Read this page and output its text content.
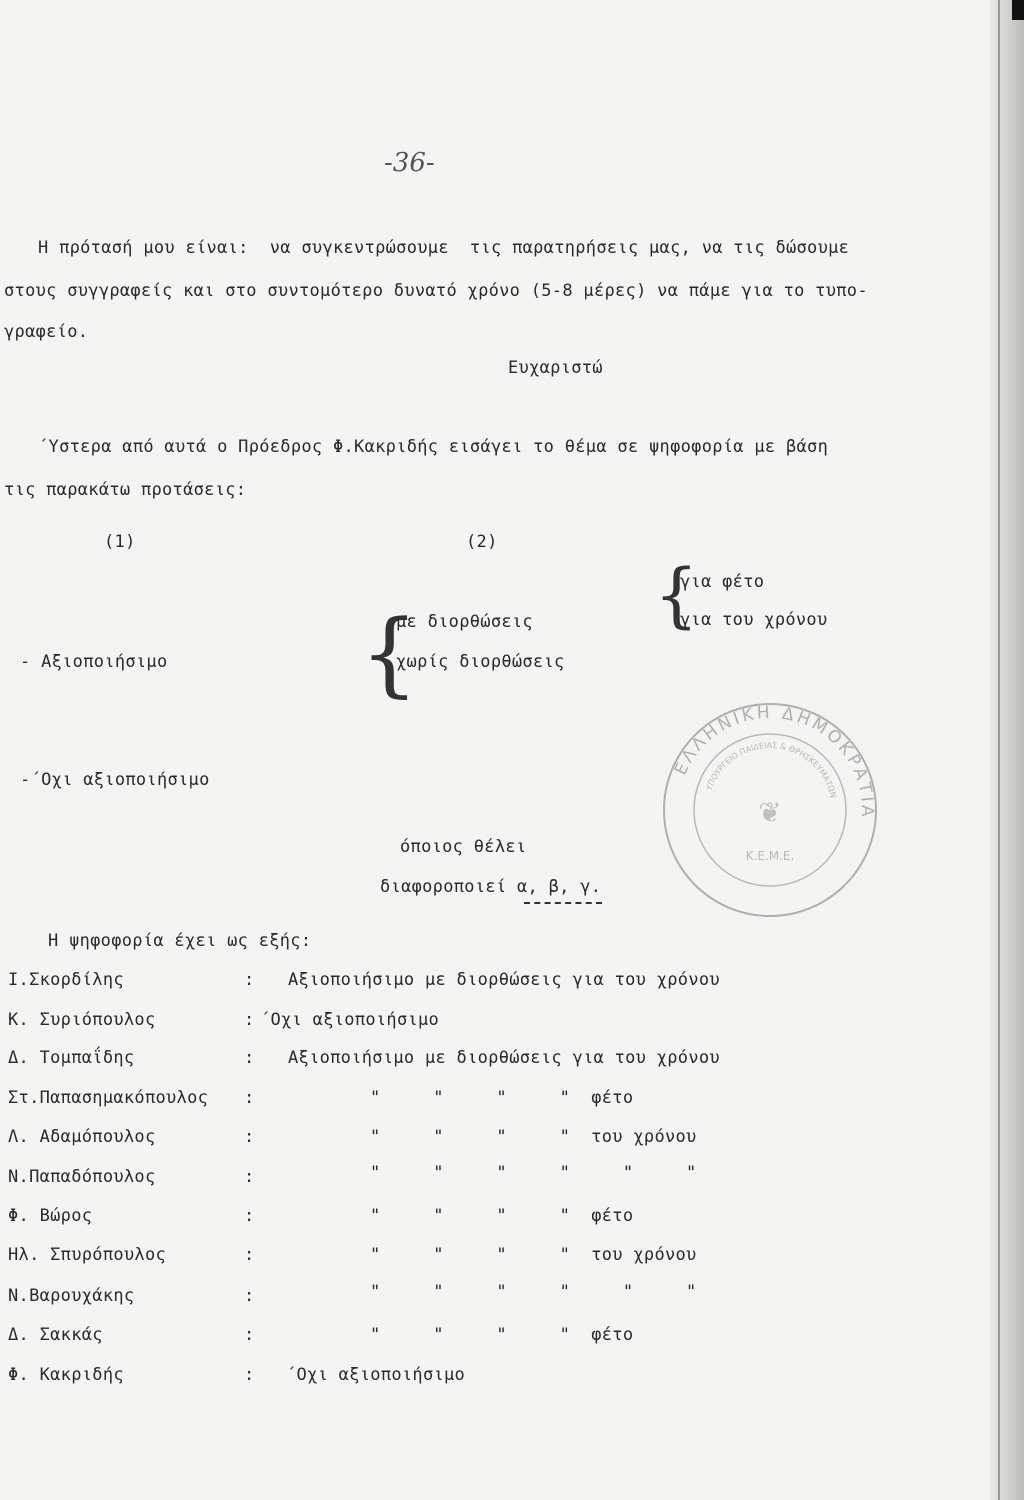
-36-
Η πρότασή μου είναι:  να συγκεντρώσουμε  τις παρατηρήσεις μας, να τις δώσουμε
στους συγγραφείς και στο συντομότερο δυνατό χρόνο (5-8 μέρες) να πάμε για το τυπο-
γραφείο.
Ευχαριστώ
΄Υστερα από αυτά ο Πρόεδρος Φ.Κακριδής εισάγει το θέμα σε ψηφοφορία με βάση
τις παρακάτω προτάσεις:
(1)	(2)
{
για φέτο
για του χρόνου
{
με διορθώσεις
χωρίς διορθώσεις
- Αξιοποιήσιμο
-΄Οχι αξιοποιήσιμο
όποιος θέλει
διαφοροποιεί α, β, γ.
Η ψηφοφορία έχει ως εξής:
Ι.Σκορδίλης	: Αξιοποιήσιμο με διορθώσεις για του χρόνου
Κ. Συριόπουλος	: ΄Οχι αξιοποιήσιμο
Δ. Τομπαΐδης	: Αξιοποιήσιμο με διορθώσεις για του χρόνου
Στ.Παπασημακόπουλος :	"     "     "     "  φέτο
Λ. Αδαμόπουλος	:	"     "     "     "  του χρόνου
Ν.Παπαδόπουλος	:	"     "     "     "     "     "
Φ. Βώρος	:	"     "     "     "  φέτο
Ηλ. Σπυρόπουλος	:	"     "     "     "  του χρόνου
Ν.Βαρουχάκης	:	"     "     "     "     "     "
Δ. Σακκάς	:	"     "     "     "  φέτο
Φ. Κακριδής	: ΄Οχι αξιοποιήσιμο
ΕΛΛΗΝΙΚΗ ΔΗΜΟΚΡΑΤΙΑ
ΥΠΟΥΡΓΕΙΟ ΠΑΙΔΕΙΑΣ & ΘΡΗΣΚΕΥΜΑΤΩΝ
Κ.Ε.Μ.Ε.
❦
